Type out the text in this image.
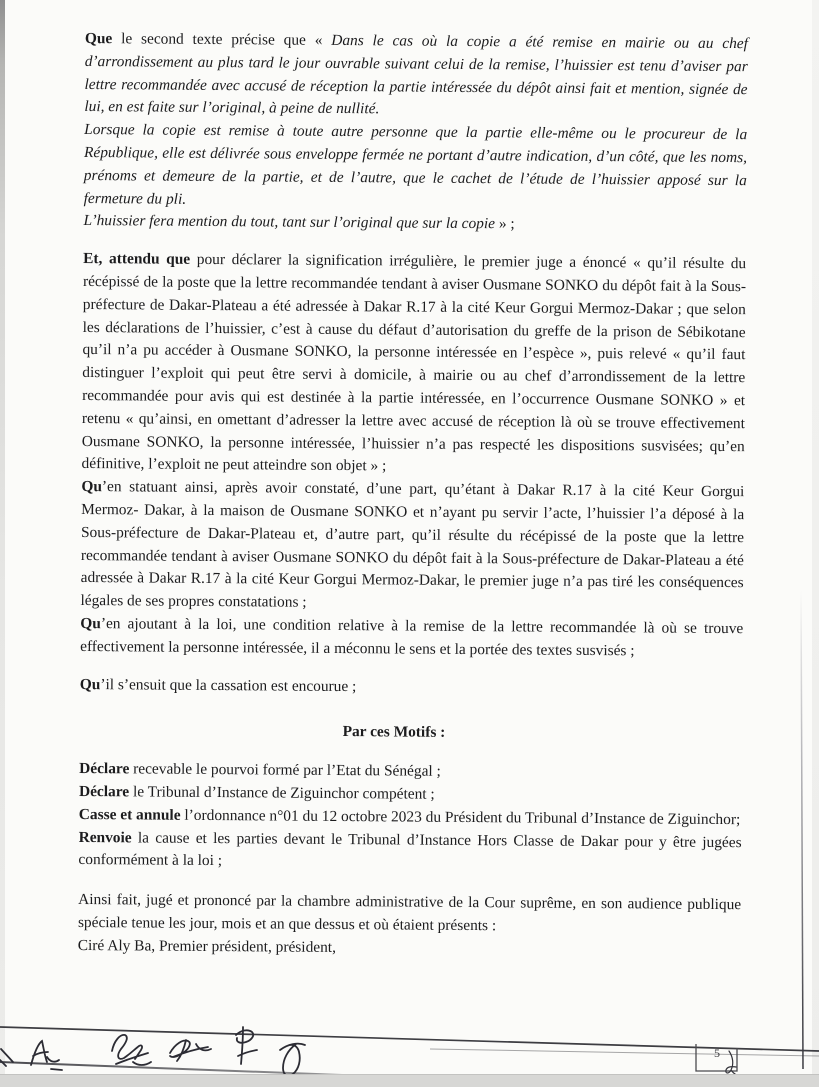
Que le second texte précise que « Dans le cas où la copie a été remise en mairie ou au chef d’arrondissement au plus tard le jour ouvrable suivant celui de la remise, l’huissier est tenu d’aviser par lettre recommandée avec accusé de réception la partie intéressée du dépôt ainsi fait et mention, signée de lui, en est faite sur l’original, à peine de nullité.

Lorsque la copie est remise à toute autre personne que la partie elle-même ou le procureur de la République, elle est délivrée sous enveloppe fermée ne portant d’autre indication, d’un côté, que les noms, prénoms et demeure de la partie, et de l’autre, que le cachet de l’étude de l’huissier apposé sur la fermeture du pli.

L’huissier fera mention du tout, tant sur l’original que sur la copie » ;

Et, attendu que pour déclarer la signification irrégulière, le premier juge a énoncé « qu’il résulte du récépissé de la poste que la lettre recommandée tendant à aviser Ousmane SONKO du dépôt fait à la Sous-préfecture de Dakar-Plateau a été adressée à Dakar R.17 à la cité Keur Gorgui Mermoz-Dakar ; que selon les déclarations de l’huissier, c’est à cause du défaut d’autorisation du greffe de la prison de Sébikotane qu’il n’a pu accéder à Ousmane SONKO, la personne intéressée en l’espèce », puis relevé « qu’il faut distinguer l’exploit qui peut être servi à domicile, à mairie ou au chef d’arrondissement de la lettre recommandée pour avis qui est destinée à la partie intéressée, en l’occurrence Ousmane SONKO » et retenu « qu’ainsi, en omettant d’adresser la lettre avec accusé de réception là où se trouve effectivement Ousmane SONKO, la personne intéressée, l’huissier n’a pas respecté les dispositions susvisées; qu’en définitive, l’exploit ne peut atteindre son objet » ;

Qu’en statuant ainsi, après avoir constaté, d’une part, qu’étant à Dakar R.17 à la cité Keur Gorgui Mermoz- Dakar, à la maison de Ousmane SONKO et n’ayant pu servir l’acte, l’huissier l’a déposé à la Sous-préfecture de Dakar-Plateau et, d’autre part, qu’il résulte du récépissé de la poste que la lettre recommandée tendant à aviser Ousmane SONKO du dépôt fait à la Sous-préfecture de Dakar-Plateau a été adressée à Dakar R.17 à la cité Keur Gorgui Mermoz-Dakar, le premier juge n’a pas tiré les conséquences légales de ses propres constatations ;

Qu’en ajoutant à la loi, une condition relative à la remise de la lettre recommandée là où se trouve effectivement la personne intéressée, il a méconnu le sens et la portée des textes susvisés ;

Qu’il s’ensuit que la cassation est encourue ;

Par ces Motifs :

Déclare recevable le pourvoi formé par l’Etat du Sénégal ;

Déclare le Tribunal d’Instance de Ziguinchor compétent ;

Casse et annule l’ordonnance n°01 du 12 octobre 2023 du Président du Tribunal d’Instance de Ziguinchor;

Renvoie la cause et les parties devant le Tribunal d’Instance Hors Classe de Dakar pour y être jugées conformément à la loi ;

Ainsi fait, jugé et prononcé par la chambre administrative de la Cour suprême, en son audience publique spéciale tenue les jour, mois et an que dessus et où étaient présents :

Ciré Aly Ba, Premier président, président,

5
